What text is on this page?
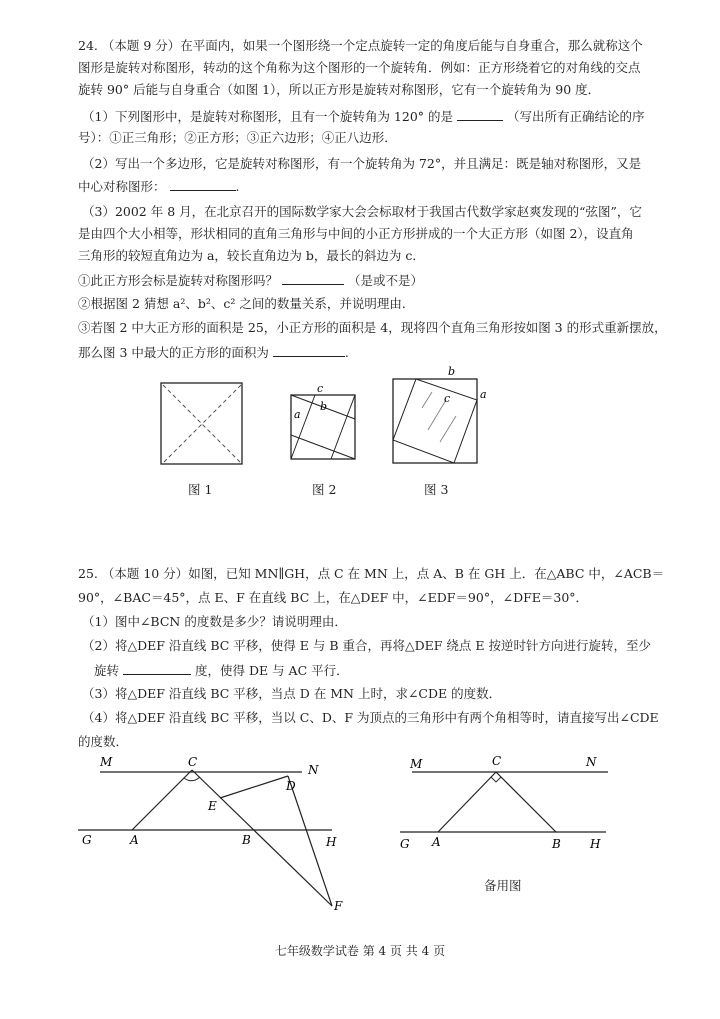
24. （本题 9 分）在平面内，如果一个图形绕一个定点旋转一定的角度后能与自身重合，那么就称这个
图形是旋转对称图形，转动的这个角称为这个图形的一个旋转角．例如：正方形绕着它的对角线的交点
旋转 90° 后能与自身重合（如图 1），所以正方形是旋转对称图形，它有一个旋转角为 90 度．
（1）下列图形中，是旋转对称图形，且有一个旋转角为 120° 的是	（写出所有正确结论的序
号）：①正三角形；②正方形；③正六边形；④正八边形．
（2）写出一个多边形，它是旋转对称图形，有一个旋转角为 72°，并且满足：既是轴对称图形，又是
中心对称图形：	.
（3）2002 年 8 月，在北京召开的国际数学家大会会标取材于我国古代数学家赵爽发现的“弦图”，它
是由四个大小相等，形状相同的直角三角形与中间的小正方形拼成的一个大正方形（如图 2），设直角
三角形的较短直角边为 a，较长直角边为 b，最长的斜边为 c．
①此正方形会标是旋转对称图形吗？	（是或不是）
②根据图 2 猜想 a²、b²、c² 之间的数量关系，并说明理由．
③若图 2 中大正方形的面积是 25，小正方形的面积是 4，现将四个直角三角形按如图 3 的形式重新摆放，
那么图 3 中最大的正方形的面积为	.
c
b
a
b
c	a
图 1	图 2	图 3
25. （本题 10 分）如图，已知 MN∥GH，点 C 在 MN 上，点 A、B 在 GH 上．在△ABC 中，∠ACB＝
90°，∠BAC＝45°，点 E、F 在直线 BC 上，在△DEF 中，∠EDF＝90°，∠DFE＝30°．
（1）图中∠BCN 的度数是多少？请说明理由．
（2）将△DEF 沿直线 BC 平移，使得 E 与 B 重合，再将△DEF 绕点 E 按逆时针方向进行旋转，至少
旋转	度，使得 DE 与 AC 平行．
（3）将△DEF 沿直线 BC 平移，当点 D 在 MN 上时，求∠CDE 的度数．
（4）将△DEF 沿直线 BC 平移，当以 C、D、F 为顶点的三角形中有两个角相等时，请直接写出∠CDE
的度数．
M
N
C
G	H
A	B
E
D
F
M	N
C
G	H
A	B
备用图
七年级数学试卷 第 4 页 共 4 页
